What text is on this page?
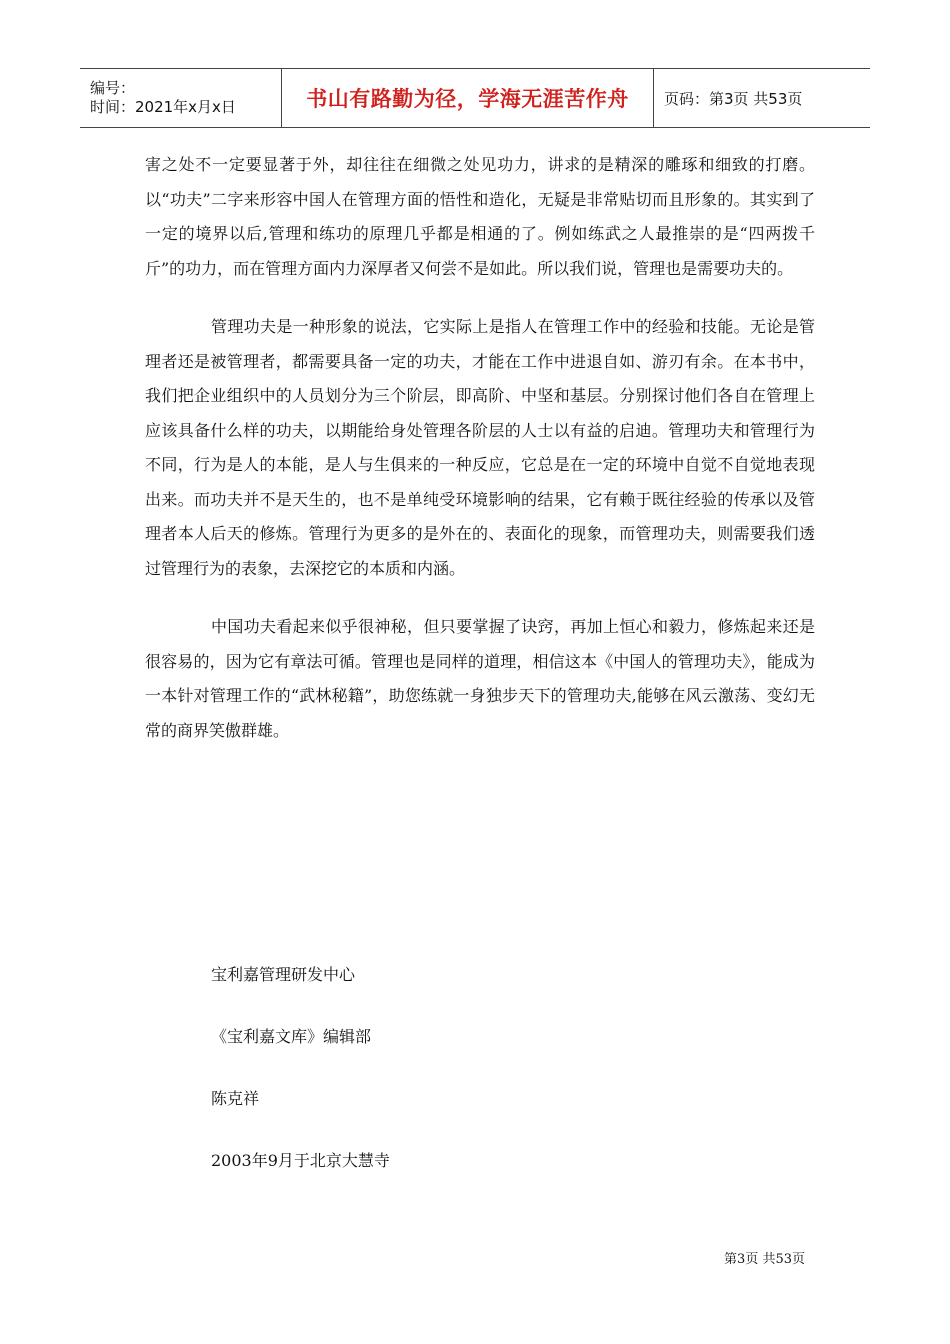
编号：
时间：2021年x月x日	书山有路勤为径，学海无涯苦作舟	页码：第3页 共53页

害之处不一定要显著于外，却往往在细微之处见功力，讲求的是精深的雕琢和细致的打磨。以“功夫”二字来形容中国人在管理方面的悟性和造化，无疑是非常贴切而且形象的。其实到了一定的境界以后,管理和练功的原理几乎都是相通的了。例如练武之人最推崇的是“四两拨千斤”的功力，而在管理方面内力深厚者又何尝不是如此。所以我们说，管理也是需要功夫的。

管理功夫是一种形象的说法，它实际上是指人在管理工作中的经验和技能。无论是管理者还是被管理者，都需要具备一定的功夫，才能在工作中进退自如、游刃有余。在本书中，我们把企业组织中的人员划分为三个阶层，即高阶、中坚和基层。分别探讨他们各自在管理上应该具备什么样的功夫，以期能给身处管理各阶层的人士以有益的启迪。管理功夫和管理行为不同，行为是人的本能，是人与生俱来的一种反应，它总是在一定的环境中自觉不自觉地表现出来。而功夫并不是天生的，也不是单纯受环境影响的结果，它有赖于既往经验的传承以及管理者本人后天的修炼。管理行为更多的是外在的、表面化的现象，而管理功夫，则需要我们透过管理行为的表象，去深挖它的本质和内涵。

中国功夫看起来似乎很神秘，但只要掌握了诀窍，再加上恒心和毅力，修炼起来还是很容易的，因为它有章法可循。管理也是同样的道理，相信这本《中国人的管理功夫》，能成为一本针对管理工作的“武林秘籍”，助您练就一身独步天下的管理功夫,能够在风云激荡、变幻无常的商界笑傲群雄。

宝利嘉管理研发中心
《宝利嘉文库》编辑部
陈克祥
2003年9月于北京大慧寺
第3页 共53页
